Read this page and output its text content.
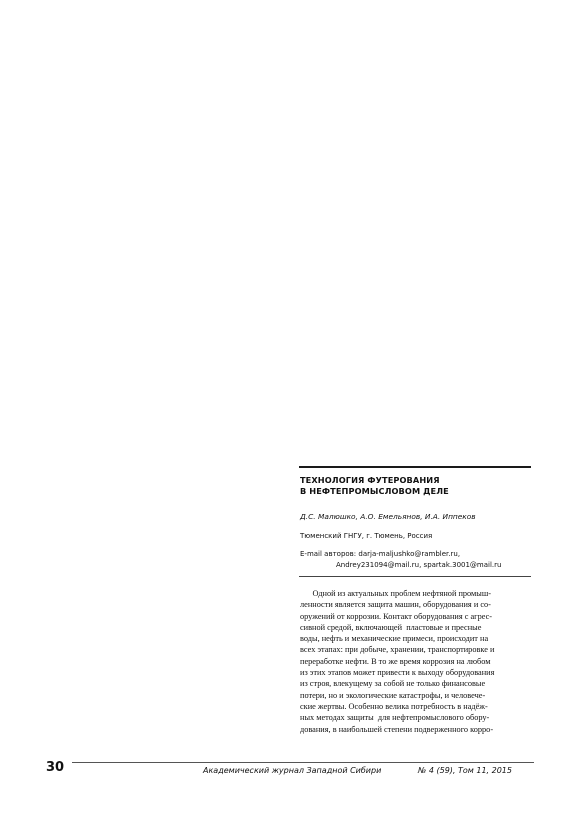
ТЕХНОЛОГИЯ ФУТЕРОВАНИЯ
В НЕФТЕПРОМЫСЛОВОМ ДЕЛЕ
Д.С. Малюшко, А.О. Емельянов, И.А. Иппеков
Тюменский ГНГУ, г. Тюмень, Россия
E-mail авторов: darja-maljushko@rambler.ru,
Andrey231094@mail.ru, spartak.3001@mail.ru
Одной из актуальных проблем нефтяной промыш-
ленности является защита машин, оборудования и со-
оружений от коррозии. Контакт оборудования с агрес-
сивной средой, включающей  пластовые и пресные
воды, нефть и механические примеси, происходит на
всех этапах: при добыче, хранении, транспортировке и
переработке нефти. В то же время коррозия на любом
из этих этапов может привести к выходу оборудования
из строя, влекущему за собой не только финансовые
потери, но и экологические катастрофы, и человече-
ские жертвы. Особенно велика потребность в надёж-
ных методах защиты  для нефтепромыслового обору-
дования, в наибольшей степени подверженного корро-
30	Академический журнал Западной Сибири	№ 4 (59), Том 11, 2015
